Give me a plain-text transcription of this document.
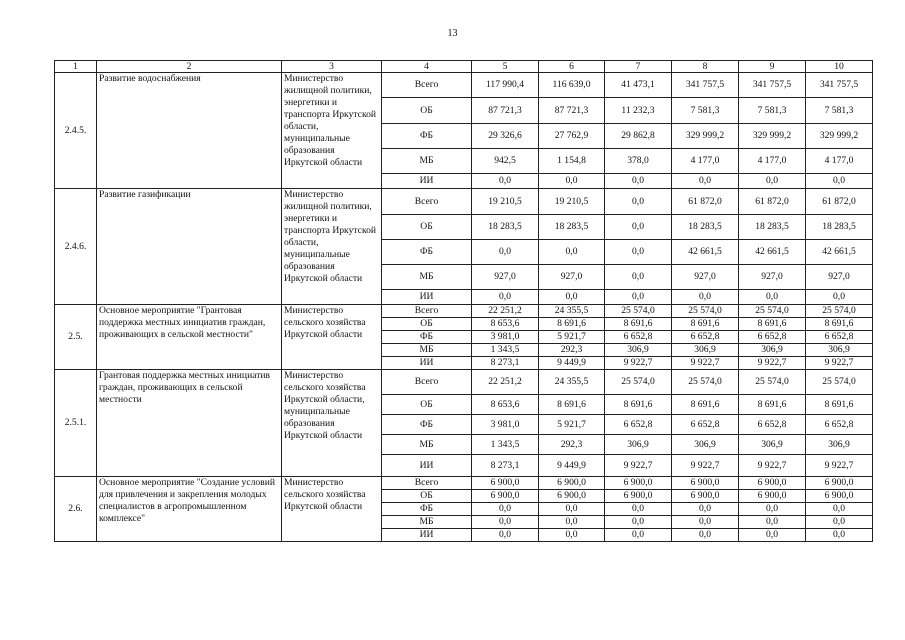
13
1	2	3	4	5	6	7	8	9	10
2.4.5.	Развитие водоснабжения	Министерство жилищной политики, энергетики и транспорта Иркутской области, муниципальные образования Иркутской области	Всего	117 990,4	116 639,0	41 473,1	341 757,5	341 757,5	341 757,5
			ОБ	87 721,3	87 721,3	11 232,3	7 581,3	7 581,3	7 581,3
			ФБ	29 326,6	27 762,9	29 862,8	329 999,2	329 999,2	329 999,2
			МБ	942,5	1 154,8	378,0	4 177,0	4 177,0	4 177,0
			ИИ	0,0	0,0	0,0	0,0	0,0	0,0
2.4.6.	Развитие газификации	Министерство жилищной политики, энергетики и транспорта Иркутской области, муниципальные образования Иркутской области	Всего	19 210,5	19 210,5	0,0	61 872,0	61 872,0	61 872,0
			ОБ	18 283,5	18 283,5	0,0	18 283,5	18 283,5	18 283,5
			ФБ	0,0	0,0	0,0	42 661,5	42 661,5	42 661,5
			МБ	927,0	927,0	0,0	927,0	927,0	927,0
			ИИ	0,0	0,0	0,0	0,0	0,0	0,0
2.5.	Основное мероприятие "Грантовая поддержка местных инициатив граждан, проживающих в сельской местности"	Министерство сельского хозяйства Иркутской области	Всего	22 251,2	24 355,5	25 574,0	25 574,0	25 574,0	25 574,0
			ОБ	8 653,6	8 691,6	8 691,6	8 691,6	8 691,6	8 691,6
			ФБ	3 981,0	5 921,7	6 652,8	6 652,8	6 652,8	6 652,8
			МБ	1 343,5	292,3	306,9	306,9	306,9	306,9
			ИИ	8 273,1	9 449,9	9 922,7	9 922,7	9 922,7	9 922,7
2.5.1.	Грантовая поддержка местных инициатив граждан, проживающих в сельской местности	Министерство сельского хозяйства Иркутской области, муниципальные образования Иркутской области	Всего	22 251,2	24 355,5	25 574,0	25 574,0	25 574,0	25 574,0
			ОБ	8 653,6	8 691,6	8 691,6	8 691,6	8 691,6	8 691,6
			ФБ	3 981,0	5 921,7	6 652,8	6 652,8	6 652,8	6 652,8
			МБ	1 343,5	292,3	306,9	306,9	306,9	306,9
			ИИ	8 273,1	9 449,9	9 922,7	9 922,7	9 922,7	9 922,7
2.6.	Основное мероприятие "Создание условий для привлечения и закрепления молодых специалистов в агропромышленном комплексе"	Министерство сельского хозяйства Иркутской области	Всего	6 900,0	6 900,0	6 900,0	6 900,0	6 900,0	6 900,0
			ОБ	6 900,0	6 900,0	6 900,0	6 900,0	6 900,0	6 900,0
			ФБ	0,0	0,0	0,0	0,0	0,0	0,0
			МБ	0,0	0,0	0,0	0,0	0,0	0,0
			ИИ	0,0	0,0	0,0	0,0	0,0	0,0
